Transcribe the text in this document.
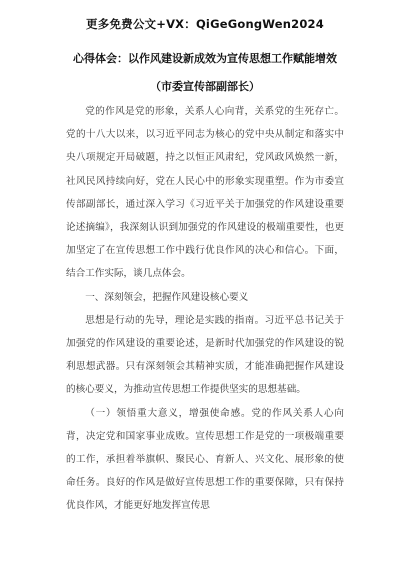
更多免费公文+VX：QiGeGongWen2024
心得体会：以作风建设新成效为宣传思想工作赋能增效
（市委宣传部副部长）

党的作风是党的形象，关系人心向背，关系党的生死存亡。党的十八大以来，以习近平同志为核心的党中央从制定和落实中央八项规定开局破题，持之以恒正风肃纪，党风政风焕然一新，社风民风持续向好，党在人民心中的形象实现重塑。作为市委宣传部副部长，通过深入学习《习近平关于加强党的作风建设重要论述摘编》，我深刻认识到加强党的作风建设的极端重要性，也更加坚定了在宣传思想工作中践行优良作风的决心和信心。下面，结合工作实际，谈几点体会。

一、深刻领会，把握作风建设核心要义

思想是行动的先导，理论是实践的指南。习近平总书记关于加强党的作风建设的重要论述，是新时代加强党的作风建设的锐利思想武器。只有深刻领会其精神实质，才能准确把握作风建设的核心要义，为推动宣传思想工作提供坚实的思想基础。

（一）领悟重大意义，增强使命感。党的作风关系人心向背，决定党和国家事业成败。宣传思想工作是党的一项极端重要的工作，承担着举旗帜、聚民心、育新人、兴文化、展形象的使命任务。良好的作风是做好宣传思想工作的重要保障，只有保持优良作风，才能更好地发挥宣传思
